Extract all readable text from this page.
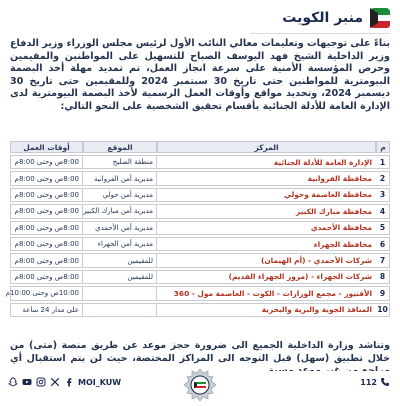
منبر الكويت

بناءً على توجيهات وتعليمات معالي النائب الأول لرئيس مجلس الوزراء وزير الدفاع وزير الداخلية الشيخ فهد اليوسف الصباح للتسهيل على المواطنين والمقيمين وحرص المؤسسة الأمنية على سرعة انجاز العمل، تم تمديد مهلة أخذ البصمة البيومترية للمواطنين حتى تاريخ 30 سبتمبر 2024 وللمقيمين حتى تاريخ 30 ديسمبر 2024، وتحديد مواقع وأوقات العمل الرسمية لأخذ البصمة البيومترية لدى الإدارة العامة للأدلة الجنائية بأقسام تحقيق الشخصية على النحو التالي:

م	المركز	الموقع	أوقات العمل
1	الإدارة العامة للأدلة الجنائية	منطقة الصليخ	8:00ص وحتى 8:00م
2	محافظة الفروانية	مديرية أمن الفروانية	8:00ص وحتى 8:00م
3	محافظة العاصمة وحولي	مديرية أمن حولي	8:00ص وحتى 8:00م
4	محافظة مبارك الكبير	مديرية أمن مبارك الكبير	8:00ص وحتى 8:00م
5	محافظة الأحمدي	مديرية أمن الأحمدي	8:00ص وحتى 8:00م
6	محافظة الجهراء	مديرية أمن الجهراء	8:00ص وحتى 8:00م
7	شركات الأحمدي - (أم الهيمان)	للمقيمين	8:00ص وحتى 8:00م
8	شركات الجهراء - (مرور الجهراء القديم)	للمقيمين	8:00ص وحتى 8:00م
9	الأفنيوز - مجمع الوزارات - الكوت - العاصمة مول - 360		10:00ص وحتى 10:00م
10	المنافذ الجوية والبرية والبحرية		على مدار 24 ساعة

وتناشد وزارة الداخلية الجميع الى ضرورة حجز موعد عن طريق منصة (متى) من خلال تطبيق (سهل) قبل التوجه الى المراكز المختصة، حيث لن يتم استقبال أي

MOI_KUW	112
